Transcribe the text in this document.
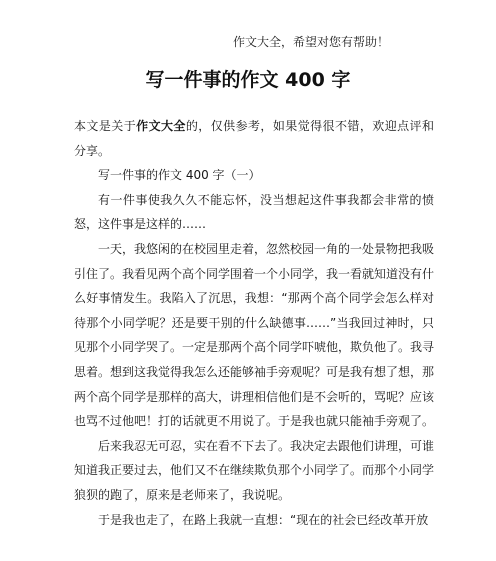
作文大全，希望对您有帮助！
写一件事的作文 400 字

本文是关于作文大全的，仅供参考，如果觉得很不错，欢迎点评和分享。

写一件事的作文 400 字（一）

有一件事使我久久不能忘怀，没当想起这件事我都会非常的愤怒，这件事是这样的……

一天，我悠闲的在校园里走着，忽然校园一角的一处景物把我吸引住了。我看见两个高个同学围着一个小同学，我一看就知道没有什么好事情发生。我陷入了沉思，我想：“那两个高个同学会怎么样对待那个小同学呢？还是要干别的什么缺德事……”当我回过神时，只见那个小同学哭了。一定是那两个高个同学吓唬他，欺负他了。我寻思着。想到这我觉得我怎么还能够袖手旁观呢？可是我有想了想，那两个高个同学是那样的高大，讲理相信他们是不会听的，骂呢？应该也骂不过他吧！打的话就更不用说了。于是我也就只能袖手旁观了。

后来我忍无可忍，实在看不下去了。我决定去跟他们讲理，可谁知道我正要过去，他们又不在继续欺负那个小同学了。而那个小同学狼狈的跑了，原来是老师来了，我说呢。

于是我也走了，在路上我就一直想：“现在的社会已经改革开放
